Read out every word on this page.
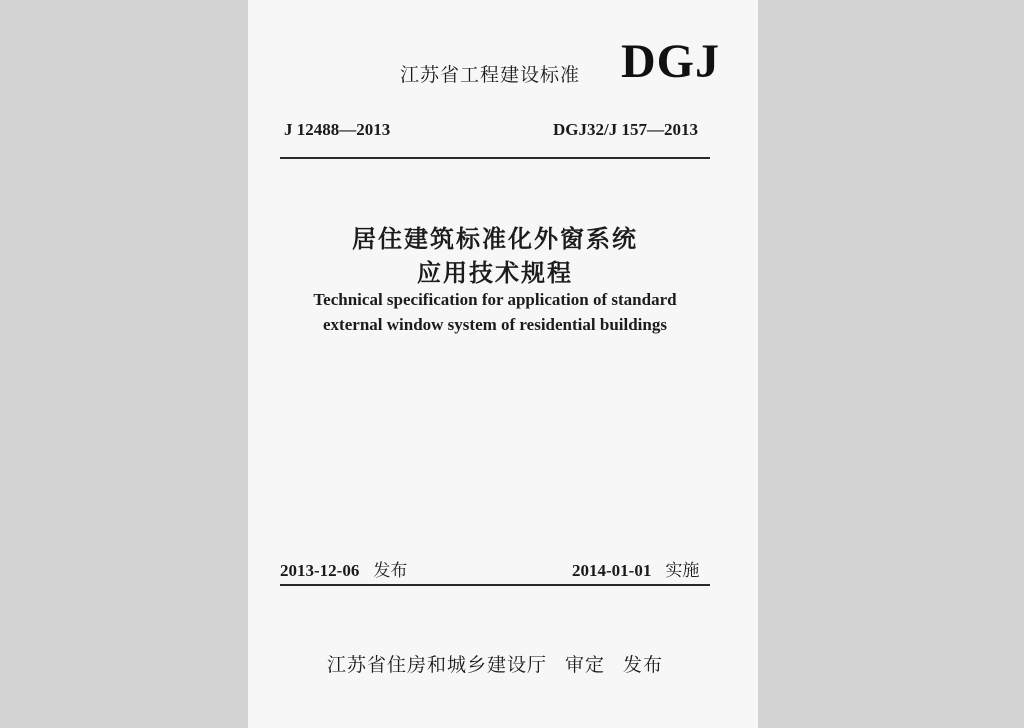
江苏省工程建设标准 DGJ
J 12488—2013	DGJ32/J 157—2013
居住建筑标准化外窗系统
应用技术规程
Technical specification for application of standard
external window system of residential buildings
2013-12-06 发布	2014-01-01 实施
江苏省住房和城乡建设厅 审定 发布
